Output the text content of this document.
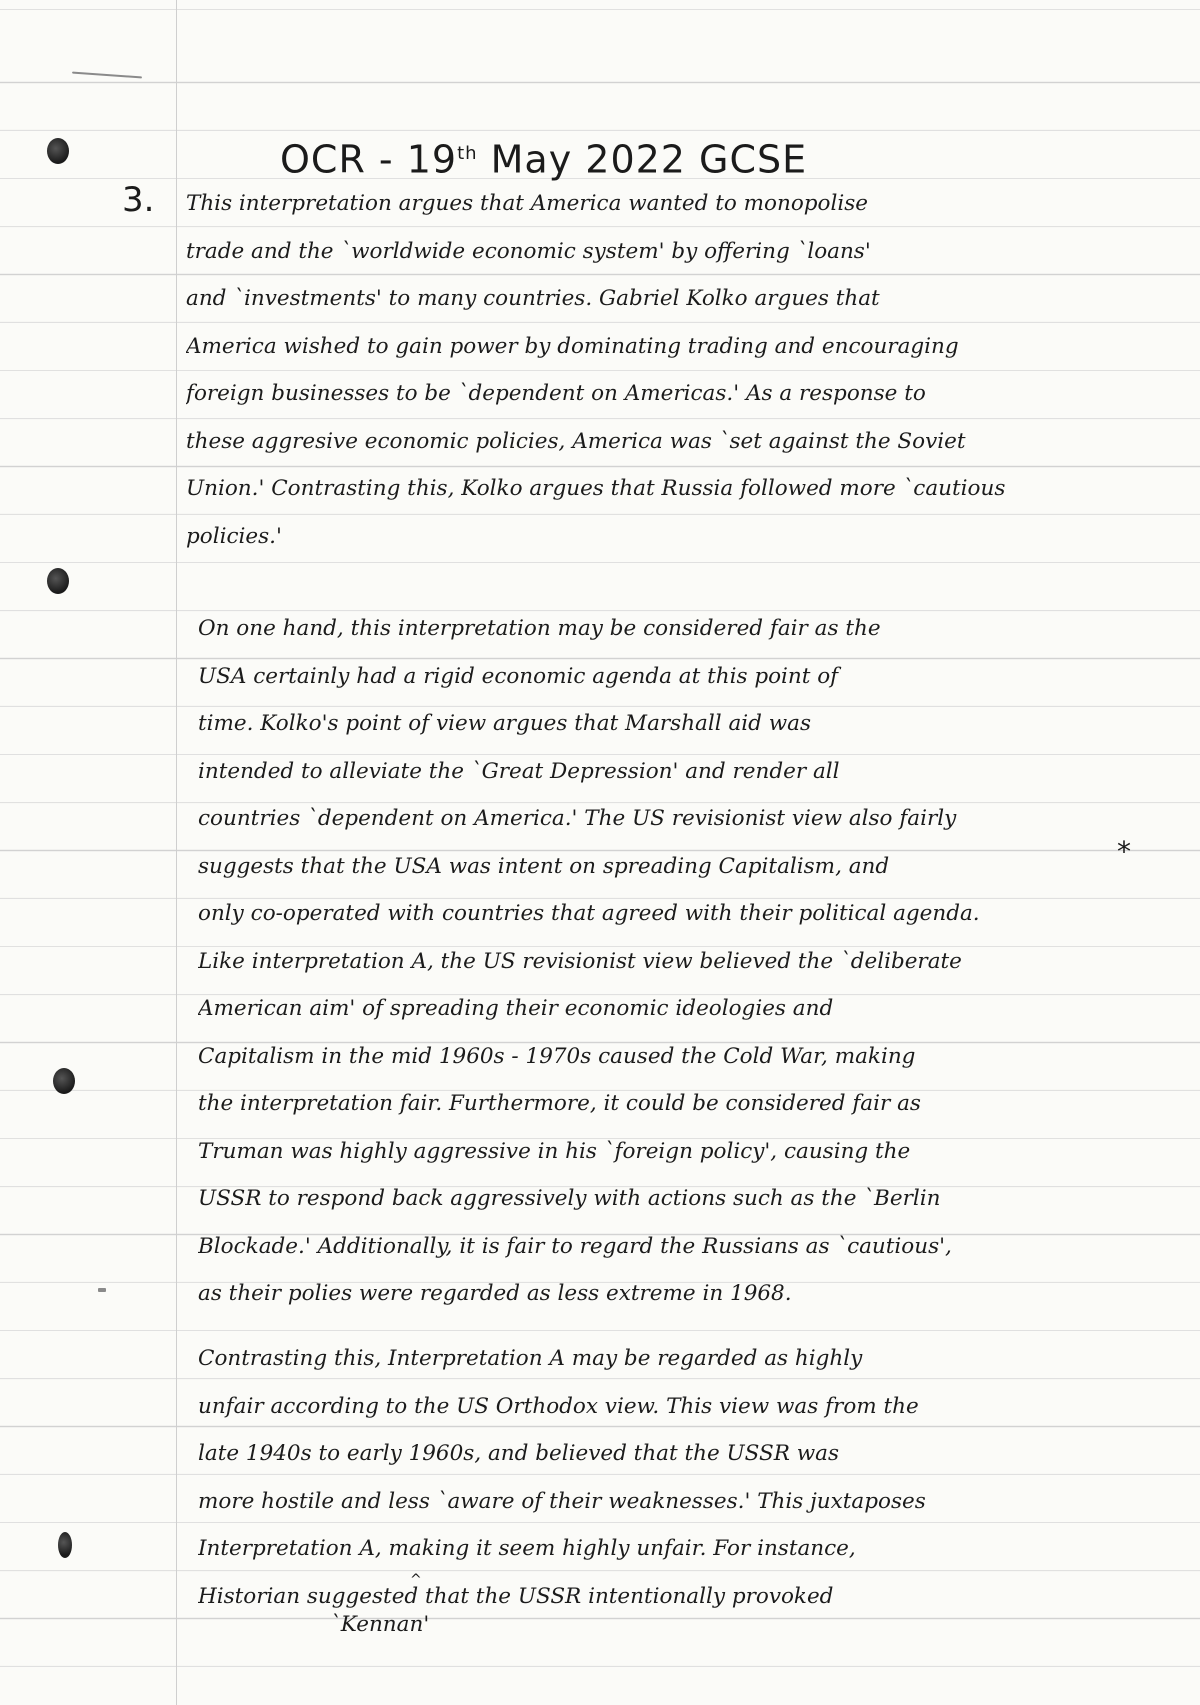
OCR - 19th May 2022 GCSE
3. This interpretation argues that America wanted to monopolise
trade and the `worldwide economic system' by offering `loans'
and `investments' to many countries. Gabriel Kolko argues that
America wished to gain power by dominating trading and encouraging
foreign businesses to be `dependent on Americas.' As a response to
these aggresive economic policies, America was `set against the Soviet
Union.' Contrasting this, Kolko argues that Russia followed more `cautious
policies.'
On one hand, this interpretation may be considered fair as the
USA certainly had a rigid economic agenda at this point of
time. Kolko's point of view argues that Marshall aid was
intended to alleviate the `Great Depression' and render all
countries `dependent on America.' The US revisionist view also fairly
suggests that the USA was intent on spreading Capitalism, and
only co-operated with countries that agreed with their political agenda.
Like interpretation A, the US revisionist view believed the `deliberate
American aim' of spreading their economic ideologies and
Capitalism in the mid 1960s - 1970s caused the Cold War, making
the interpretation fair. Furthermore, it could be considered fair as
Truman was highly aggressive in his `foreign policy', causing the
USSR to respond back aggressively with actions such as the `Berlin
Blockade.' Additionally, it is fair to regard the Russians as `cautious',
as their polies were regarded as less extreme in 1968.
*
Contrasting this, Interpretation A may be regarded as highly
unfair according to the US Orthodox view. This view was from the
late 1940s to early 1960s, and believed that the USSR was
more hostile and less `aware of their weaknesses.' This juxtaposes
Interpretation A, making it seem highly unfair. For instance,
Historian suggested that the USSR intentionally provoked
^
`Kennan'
